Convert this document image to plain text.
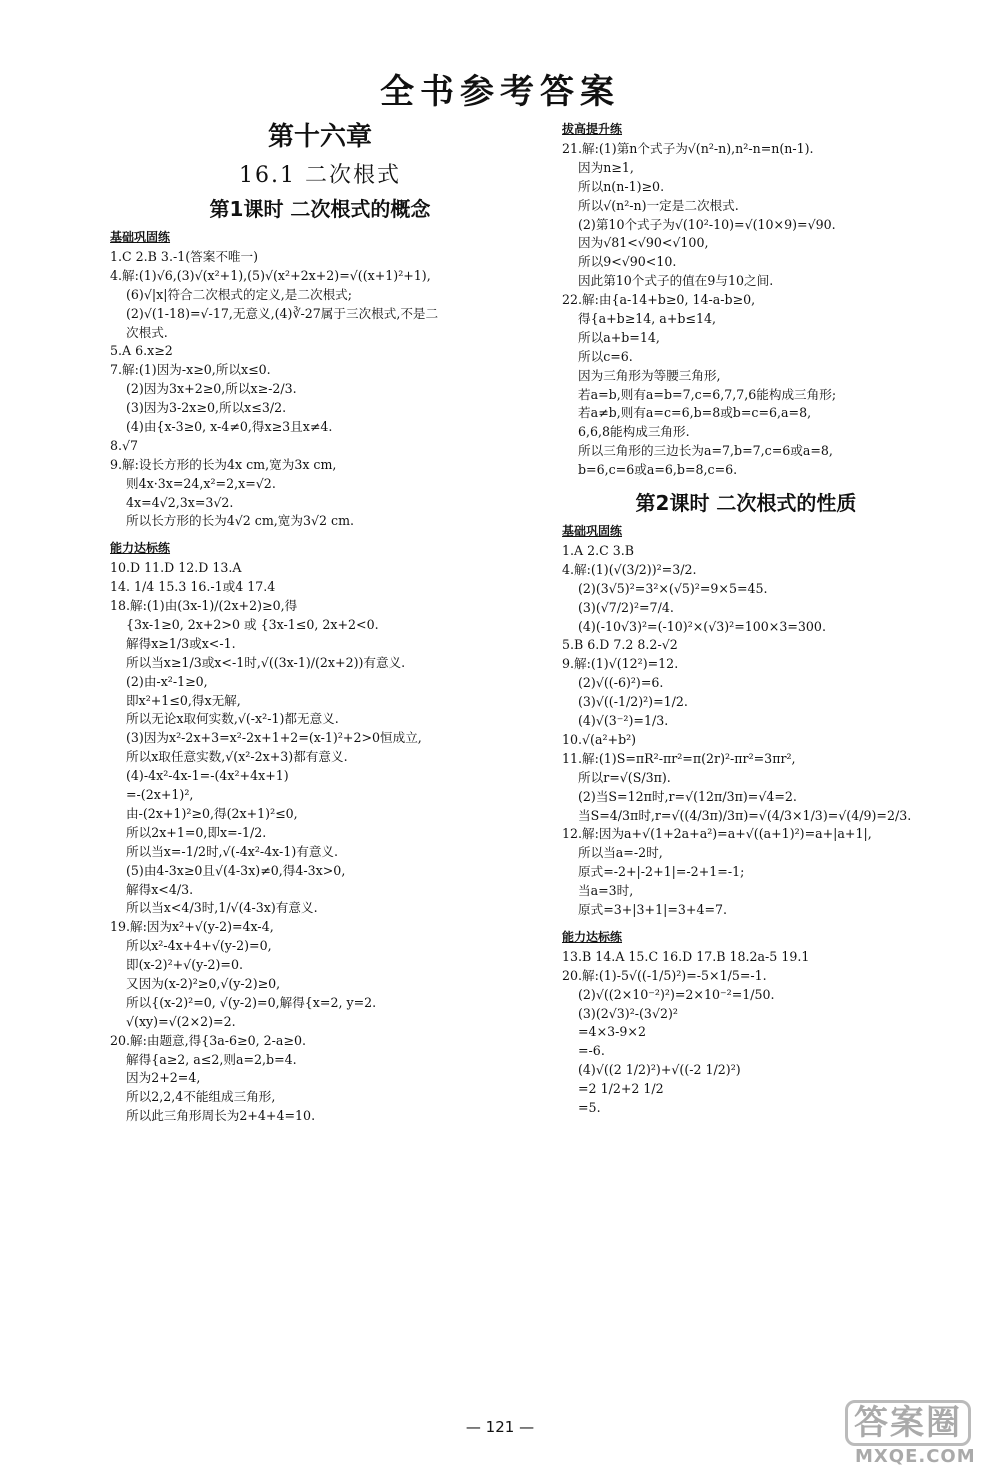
全书参考答案
第十六章
16.1 二次根式
第1课时 二次根式的概念
基础巩固练
1.C 2.B 3.-1(答案不唯一)
4.解:(1)√6,(3)√(x²+1),(5)√(x²+2x+2)=√((x+1)²+1),
(6)√|x|符合二次根式的定义,是二次根式;
(2)√(1-18)=√-17,无意义,(4)∛-27属于三次根式,不是二
次根式.
5.A 6.x≥2
7.解:(1)因为-x≥0,所以x≤0.
(2)因为3x+2≥0,所以x≥-2/3.
(3)因为3-2x≥0,所以x≤3/2.
(4)由{x-3≥0, x-4≠0,得x≥3且x≠4.
8.√7
9.解:设长方形的长为4x cm,宽为3x cm,
则4x·3x=24,x²=2,x=√2.
4x=4√2,3x=3√2.
所以长方形的长为4√2 cm,宽为3√2 cm.
能力达标练
10.D 11.D 12.D 13.A
14. 1/4 15.3 16.-1或4 17.4
18.解:(1)由(3x-1)/(2x+2)≥0,得
{3x-1≥0, 2x+2>0 或 {3x-1≤0, 2x+2<0.
解得x≥1/3或x<-1.
所以当x≥1/3或x<-1时,√((3x-1)/(2x+2))有意义.
(2)由-x²-1≥0,
即x²+1≤0,得x无解,
所以无论x取何实数,√(-x²-1)都无意义.
(3)因为x²-2x+3=x²-2x+1+2=(x-1)²+2>0恒成立,
所以x取任意实数,√(x²-2x+3)都有意义.
(4)-4x²-4x-1=-(4x²+4x+1)
=-(2x+1)²,
由-(2x+1)²≥0,得(2x+1)²≤0,
所以2x+1=0,即x=-1/2.
所以当x=-1/2时,√(-4x²-4x-1)有意义.
(5)由4-3x≥0且√(4-3x)≠0,得4-3x>0,
解得x<4/3.
所以当x<4/3时,1/√(4-3x)有意义.
19.解:因为x²+√(y-2)=4x-4,
所以x²-4x+4+√(y-2)=0,
即(x-2)²+√(y-2)=0.
又因为(x-2)²≥0,√(y-2)≥0,
所以{(x-2)²=0, √(y-2)=0,解得{x=2, y=2.
√(xy)=√(2×2)=2.
20.解:由题意,得{3a-6≥0, 2-a≥0.
解得{a≥2, a≤2,则a=2,b=4.
因为2+2=4,
所以2,2,4不能组成三角形,
所以此三角形周长为2+4+4=10.
拔高提升练
21.解:(1)第n个式子为√(n²-n),n²-n=n(n-1).
因为n≥1,
所以n(n-1)≥0.
所以√(n²-n)一定是二次根式.
(2)第10个式子为√(10²-10)=√(10×9)=√90.
因为√81<√90<√100,
所以9<√90<10.
因此第10个式子的值在9与10之间.
22.解:由{a-14+b≥0, 14-a-b≥0,
得{a+b≥14, a+b≤14,
所以a+b=14,
所以c=6.
因为三角形为等腰三角形,
若a=b,则有a=b=7,c=6,7,7,6能构成三角形;
若a≠b,则有a=c=6,b=8或b=c=6,a=8,
6,6,8能构成三角形.
所以三角形的三边长为a=7,b=7,c=6或a=8,
b=6,c=6或a=6,b=8,c=6.
第2课时 二次根式的性质
基础巩固练
1.A 2.C 3.B
4.解:(1)(√(3/2))²=3/2.
(2)(3√5)²=3²×(√5)²=9×5=45.
(3)(√7/2)²=7/4.
(4)(-10√3)²=(-10)²×(√3)²=100×3=300.
5.B 6.D 7.2 8.2-√2
9.解:(1)√(12²)=12.
(2)√((-6)²)=6.
(3)√((-1/2)²)=1/2.
(4)√(3⁻²)=1/3.
10.√(a²+b²)
11.解:(1)S=πR²-πr²=π(2r)²-πr²=3πr²,
所以r=√(S/3π).
(2)当S=12π时,r=√(12π/3π)=√4=2.
当S=4/3π时,r=√((4/3π)/3π)=√(4/3×1/3)=√(4/9)=2/3.
12.解:因为a+√(1+2a+a²)=a+√((a+1)²)=a+|a+1|,
所以当a=-2时,
原式=-2+|-2+1|=-2+1=-1;
当a=3时,
原式=3+|3+1|=3+4=7.
能力达标练
13.B 14.A 15.C 16.D 17.B 18.2a-5 19.1
20.解:(1)-5√((-1/5)²)=-5×1/5=-1.
(2)√((2×10⁻²)²)=2×10⁻²=1/50.
(3)(2√3)²-(3√2)²
=4×3-9×2
=-6.
(4)√((2 1/2)²)+√((-2 1/2)²)
=2 1/2+2 1/2
=5.
— 121 —	答案圈
MXQE.COM
